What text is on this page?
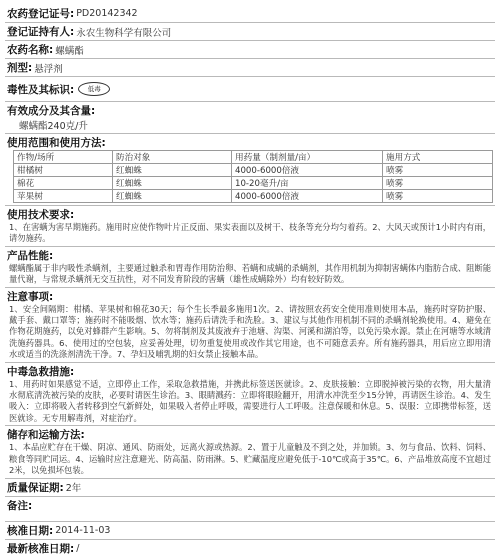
农药登记证号: PD20142342
登记证持有人: 永农生物科学有限公司
农药名称: 螺螨酯
剂型: 悬浮剂
毒性及其标识:	低毒
有效成分及其含量:
螺螨酯240克/升
使用范围和使用方法:
作物/场所	防治对象	用药量（制剂量/亩）	施用方式
柑橘树	红蜘蛛	4000-6000倍液	喷雾
棉花	红蜘蛛	10-20毫升/亩	喷雾
苹果树	红蜘蛛	4000-6000倍液	喷雾
使用技术要求:
1、在害螨为害早期施药。施用时应使作物叶片正反面、果实表面以及树干、枝条等充分均匀着药。2、大风天或预计1小时内有雨，请勿施药。
产品性能:
螺螨酯属于非内吸性杀螨剂，主要通过触杀和胃毒作用防治卵、若螨和成螨的杀螨剂，其作用机制为抑制害螨体内脂肪合成、阻断能量代谢，与常规杀螨剂无交互抗性，对不同发育阶段的害螨（雄性成螨除外）均有较好防效。
注意事项:
1、安全间隔期：柑橘、苹果树和棉花30天；每个生长季最多施用1次。2、请按照农药安全使用准则使用本品，施药时穿防护服、戴手套、戴口罩等；施药时不能吸烟、饮水等；施药后请洗手和洗脸。3、建议与其他作用机制不同的杀螨剂轮换使用。4、避免在作物花期施药，以免对蜂群产生影响。5、勿将制剂及其废液弃于池塘、沟渠、河溪和湖泊等，以免污染水源。禁止在河塘等水域清洗施药器具。6、使用过的空包装，应妥善处理，切勿重复使用或改作其它用途，也不可随意丢弃。所有施药器具，用后应立即用清水或适当的洗涤剂清洗干净。7、孕妇及哺乳期的妇女禁止接触本品。
中毒急救措施:
1、用药时如果感觉不适，立即停止工作，采取急救措施，并携此标签送医就诊。2、皮肤接触：立即脱掉被污染的衣物，用大量清水彻底清洗被污染的皮肤，必要时请医生诊治。3、眼睛溅药：立即将眼睑翻开，用清水冲洗至少15分钟，再请医生诊治。4、发生吸入：立即将吸入者转移到空气新鲜处，如果吸入者停止呼吸，需要进行人工呼吸。注意保暖和休息。5、误服：立即携带标签，送医就诊。无专用解毒剂，对症治疗。
储存和运输方法:
1、本品应贮存在干燥、阴凉、通风、防雨处，远离火源或热源。2、置于儿童触及不到之处，并加锁。3、勿与食品、饮料、饲料、粮食等同贮同运。4、运输时应注意避光、防高温、防雨淋。5、贮藏温度应避免低于-10℃或高于35℃。6、产品堆放高度不宜超过2米，以免损坏包装。
质量保证期: 2年
备注:
核准日期: 2014-11-03
最新核准日期: /
